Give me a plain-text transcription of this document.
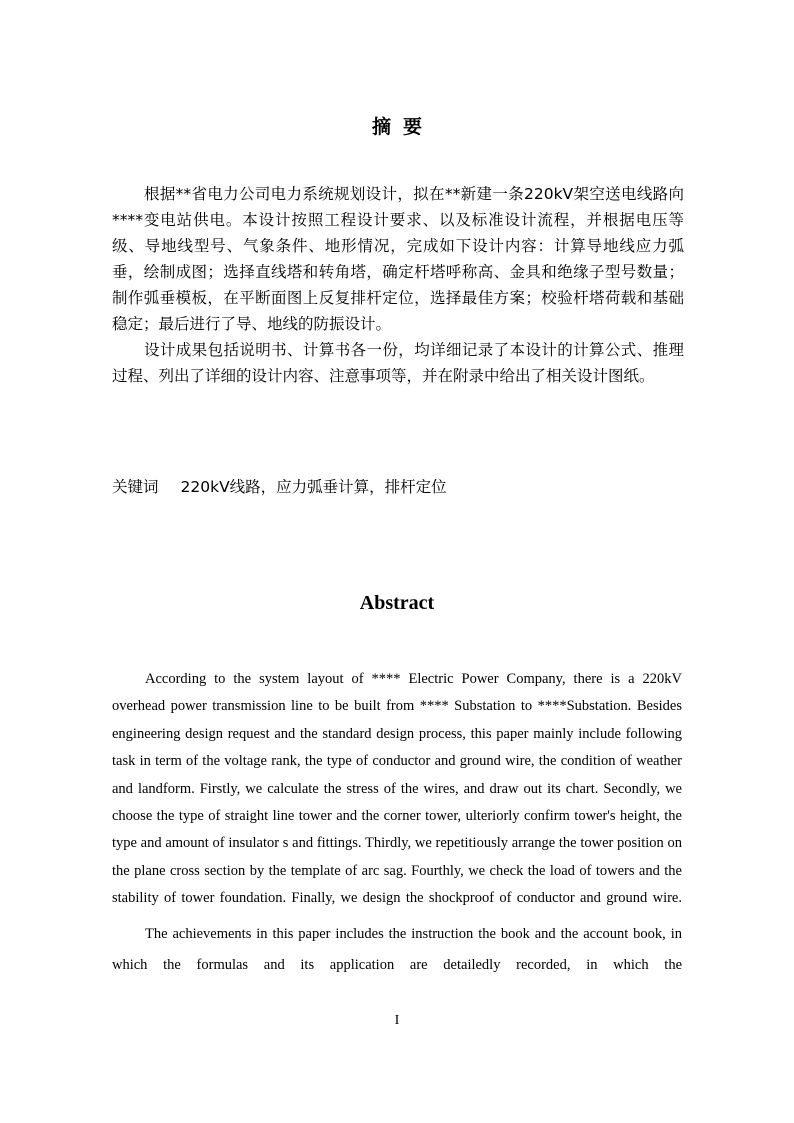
摘要

根据**省电力公司电力系统规划设计，拟在**新建一条220kV架空送电线路向****变电站供电。本设计按照工程设计要求、以及标准设计流程，并根据电压等级、导地线型号、气象条件、地形情况，完成如下设计内容：计算导地线应力弧垂，绘制成图；选择直线塔和转角塔，确定杆塔呼称高、金具和绝缘子型号数量；制作弧垂模板，在平断面图上反复排杆定位，选择最佳方案；校验杆塔荷载和基础稳定；最后进行了导、地线的防振设计。

设计成果包括说明书、计算书各一份，均详细记录了本设计的计算公式、推理过程、列出了详细的设计内容、注意事项等，并在附录中给出了相关设计图纸。

关键词 220kV线路，应力弧垂计算，排杆定位
Abstract

According to the system layout of **** Electric Power Company, there is a 220kV overhead power transmission line to be built from **** Substation to ****Substation. Besides engineering design request and the standard design process, this paper mainly include following task in term of the voltage rank, the type of conductor and ground wire, the condition of weather and landform. Firstly, we calculate the stress of the wires, and draw out its chart. Secondly, we choose the type of straight line tower and the corner tower, ulteriorly confirm tower's height, the type and amount of insulator s and fittings. Thirdly, we repetitiously arrange the tower position on the plane cross section by the template of arc sag. Fourthly, we check the load of towers and the stability of tower foundation. Finally, we design the shockproof of conductor and ground wire.

The achievements in this paper includes the instruction the book and the account book, in which the formulas and its application are detailedly recorded, in which the

I
